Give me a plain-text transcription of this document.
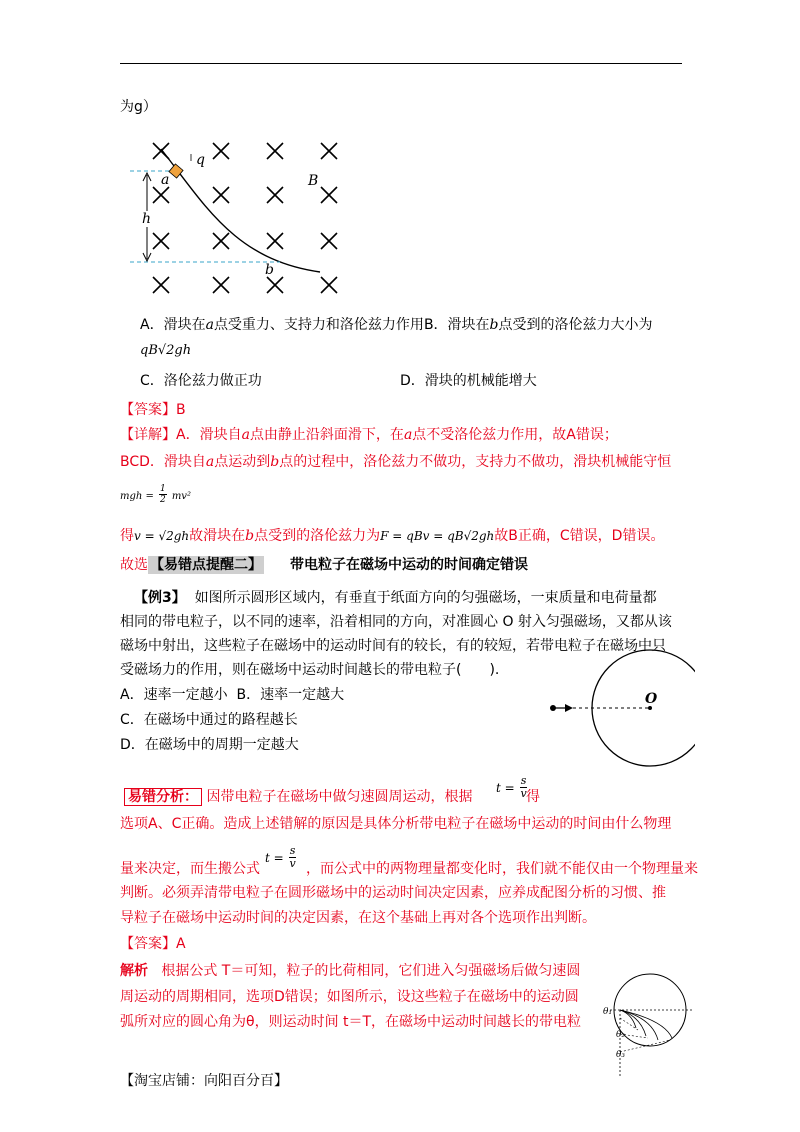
为g）
q
a	B
h
b
A．滑块在a点受重力、支持力和洛伦兹力作用B．滑块在b点受到的洛伦兹力大小为
qB√2gh
C．洛伦兹力做正功	D．滑块的机械能增大
【答案】B
【详解】A．滑块自a点由静止沿斜面滑下，在a点不受洛伦兹力作用，故A错误；
BCD．滑块自a点运动到b点的过程中，洛伦兹力不做功，支持力不做功，滑块机械能守恒
mgh = $\frac{1}{2} mv^2$
得v = √2gh故滑块在b点受到的洛伦兹力为F = qBv = qB√2gh故B正确，C错误，D错误。
故选 【易错点提醒二】 带电粒子在磁场中运动的时间确定错误
【例3】 如图所示圆形区域内，有垂直于纸面方向的匀强磁场，一束质量和电荷量都
相同的带电粒子，以不同的速率，沿着相同的方向，对准圆心 O 射入匀强磁场，又都从该
磁场中射出，这些粒子在磁场中的运动时间有的较长，有的较短，若带电粒子在磁场中只
受磁场力的作用，则在磁场中运动时间越长的带电粒子(　　).
A．速率一定越小 B．速率一定越大
C．在磁场中通过的路程越长
D．在磁场中的周期一定越大
O
易错分析： 因带电粒子在磁场中做匀速圆周运动，根据
$t = \frac{s}{v}$
得
选项A、C正确。造成上述错解的原因是具体分析带电粒子在磁场中运动的时间由什么物理
量来决定，而生搬公式	，而公式中的两物理量都变化时，我们就不能仅由一个物理量来
$t = \frac{s}{v}$
判断。必须弄清带电粒子在圆形磁场中的运动时间决定因素，应养成配图分析的习惯、推
导粒子在磁场中运动时间的决定因素，在这个基础上再对各个选项作出判断。
【答案】A
解析 根据公式 T＝可知，粒子的比荷相同，它们进入匀强磁场后做匀速圆
周运动的周期相同，选项D错误；如图所示，设这些粒子在磁场中的运动圆
弧所对应的圆心角为θ，则运动时间 t＝T，在磁场中运动时间越长的带电粒
θ₁
θ₂
θ₃
【淘宝店铺：向阳百分百】
